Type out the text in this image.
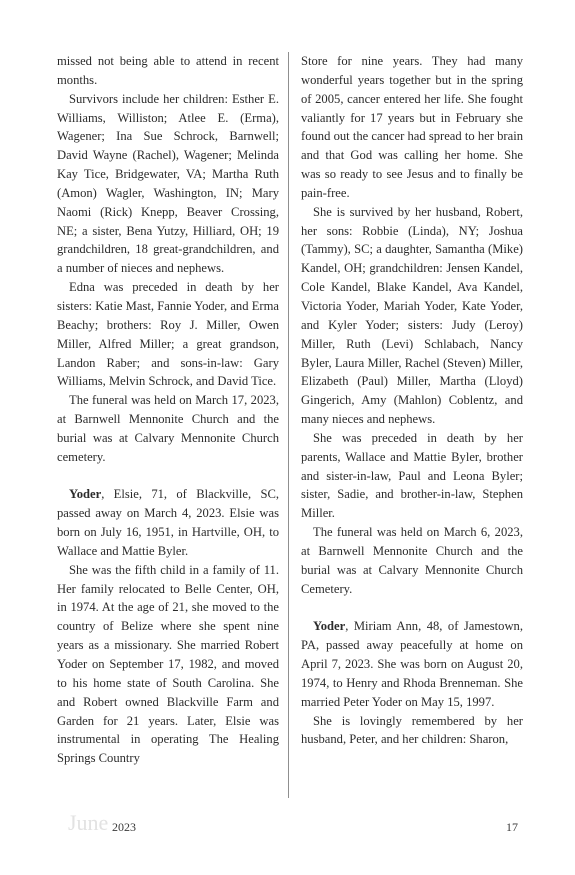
missed not being able to attend in recent months.

Survivors include her children: Esther E. Williams, Williston; Atlee E. (Erma), Wagener; Ina Sue Schrock, Barnwell; David Wayne (Rachel), Wagener; Melinda Kay Tice, Bridgewater, VA; Martha Ruth (Amon) Wagler, Washington, IN; Mary Naomi (Rick) Knepp, Beaver Crossing, NE; a sister, Bena Yutzy, Hilliard, OH; 19 grandchildren, 18 great-grandchildren, and a number of nieces and nephews.

Edna was preceded in death by her sisters: Katie Mast, Fannie Yoder, and Erma Beachy; brothers: Roy J. Miller, Owen Miller, Alfred Miller; a great grandson, Landon Raber; and sons-in-law: Gary Williams, Melvin Schrock, and David Tice.

The funeral was held on March 17, 2023, at Barnwell Mennonite Church and the burial was at Calvary Mennonite Church cemetery.

Yoder, Elsie, 71, of Blackville, SC, passed away on March 4, 2023. Elsie was born on July 16, 1951, in Hartville, OH, to Wallace and Mattie Byler.

She was the fifth child in a family of 11. Her family relocated to Belle Center, OH, in 1974. At the age of 21, she moved to the country of Belize where she spent nine years as a missionary. She married Robert Yoder on September 17, 1982, and moved to his home state of South Carolina. She and Robert owned Blackville Farm and Garden for 21 years. Later, Elsie was instrumental in operating The Healing Springs Country

Store for nine years. They had many wonderful years together but in the spring of 2005, cancer entered her life. She fought valiantly for 17 years but in February she found out the cancer had spread to her brain and that God was calling her home. She was so ready to see Jesus and to finally be pain-free.

She is survived by her husband, Robert, her sons: Robbie (Linda), NY; Joshua (Tammy), SC; a daughter, Samantha (Mike) Kandel, OH; grandchildren: Jensen Kandel, Cole Kandel, Blake Kandel, Ava Kandel, Victoria Yoder, Mariah Yoder, Kate Yoder, and Kyler Yoder; sisters: Judy (Leroy) Miller, Ruth (Levi) Schlabach, Nancy Byler, Laura Miller, Rachel (Steven) Miller, Elizabeth (Paul) Miller, Martha (Lloyd) Gingerich, Amy (Mahlon) Coblentz, and many nieces and nephews.

She was preceded in death by her parents, Wallace and Mattie Byler, brother and sister-in-law, Paul and Leona Byler; sister, Sadie, and brother-in-law, Stephen Miller.

The funeral was held on March 6, 2023, at Barnwell Mennonite Church and the burial was at Calvary Mennonite Church Cemetery.

Yoder, Miriam Ann, 48, of Jamestown, PA, passed away peacefully at home on April 7, 2023. She was born on August 20, 1974, to Henry and Rhoda Brenneman. She married Peter Yoder on May 15, 1997.

She is lovingly remembered by her husband, Peter, and her children: Sharon,

June 2023	17
